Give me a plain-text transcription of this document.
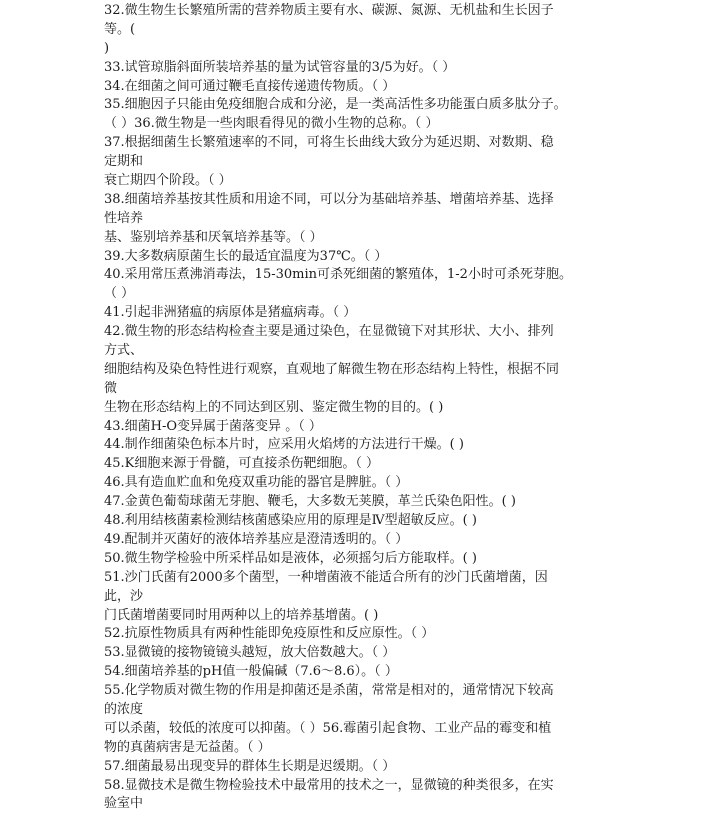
32.微生物生长繁殖所需的营养物质主要有水、碳源、氮源、无机盐和生长因子
等。(
)
33.试管琼脂斜面所装培养基的量为试管容量的3/5为好。（ ）
34.在细菌之间可通过鞭毛直接传递遗传物质。（ ）
35.细胞因子只能由免疫细胞合成和分泌，是一类高活性多功能蛋白质多肽分子。
（ ）36.微生物是一些肉眼看得见的微小生物的总称。（ ）
37.根据细菌生长繁殖速率的不同，可将生长曲线大致分为延迟期、对数期、稳
定期和
衰亡期四个阶段。（ ）
38.细菌培养基按其性质和用途不同，可以分为基础培养基、增菌培养基、选择
性培养
基、鉴别培养基和厌氧培养基等。（ ）
39.大多数病原菌生长的最适宜温度为37℃。（ ）
40.采用常压煮沸消毒法，15-30min可杀死细菌的繁殖体，1-2小时可杀死芽胞。
（ ）
41.引起非洲猪瘟的病原体是猪瘟病毒。（ ）
42.微生物的形态结构检查主要是通过染色，在显微镜下对其形状、大小、排列
方式、
细胞结构及染色特性进行观察，直观地了解微生物在形态结构上特性，根据不同
微
生物在形态结构上的不同达到区别、鉴定微生物的目的。( )
43.细菌H-O变异属于菌落变异 。（ ）
44.制作细菌染色标本片时，应采用火焰烤的方法进行干燥。( )
45.K细胞来源于骨髓，可直接杀伤靶细胞。（ ）
46.具有造血贮血和免疫双重功能的器官是脾脏。（ ）
47.金黄色葡萄球菌无芽胞、鞭毛，大多数无荚膜，革兰氏染色阳性。( )
48.利用结核菌素检测结核菌感染应用的原理是Ⅳ型超敏反应。( )
49.配制并灭菌好的液体培养基应是澄清透明的。（ ）
50.微生物学检验中所采样品如是液体，必须摇匀后方能取样。( )
51.沙门氏菌有2000多个菌型，一种增菌液不能适合所有的沙门氏菌增菌，因
此，沙
门氏菌增菌要同时用两种以上的培养基增菌。( )
52.抗原性物质具有两种性能即免疫原性和反应原性。（ ）
53.显微镜的接物镜镜头越短，放大倍数越大。（ ）
54.细菌培养基的pH值一般偏碱（7.6～8.6）。（ ）
55.化学物质对微生物的作用是抑菌还是杀菌，常常是相对的，通常情况下较高
的浓度
可以杀菌，较低的浓度可以抑菌。（ ）56.霉菌引起食物、工业产品的霉变和植
物的真菌病害是无益菌。（ ）
57.细菌最易出现变异的群体生长期是迟缓期。（ ）
58.显微技术是微生物检验技术中最常用的技术之一，显微镜的种类很多，在实
验室中
